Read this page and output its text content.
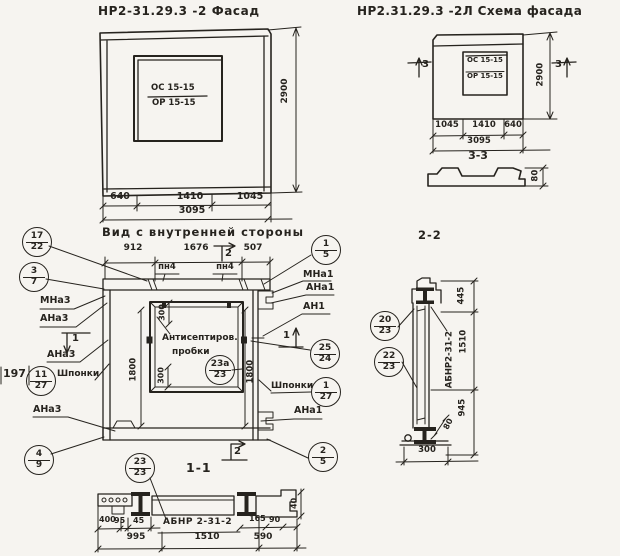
НР2-31.29.3 -2 Фасад
ОС 15-15
ОР 15-15	2900
640	1410	1045
3095
НР2.31.29.3 -2Л Схема фасада
ОС 15-15
ОР 15-15	2900
3	3
1045	1410 640
3095
3-3
80
Вид с внутренней стороны
912	1676	507
пн4	пн4
2
Антисептиров.
пробки
300
300
1800	1800
197
МНа3
АНа3
1
АНа3
Шпонки
АНа3
МНа1
АНа1
АН1
1
Шпонки
АНа1
2
1-1
АБНР 2-31-2
400
95 45	165 90
40
995	1510	590
2-2
445
1510
945
300
80
АБНР2-31-2
17
22
3
7
11
27
4
9
23а
23
23
23
1
5
25
24
1
27
2
5
20
23
22
23
